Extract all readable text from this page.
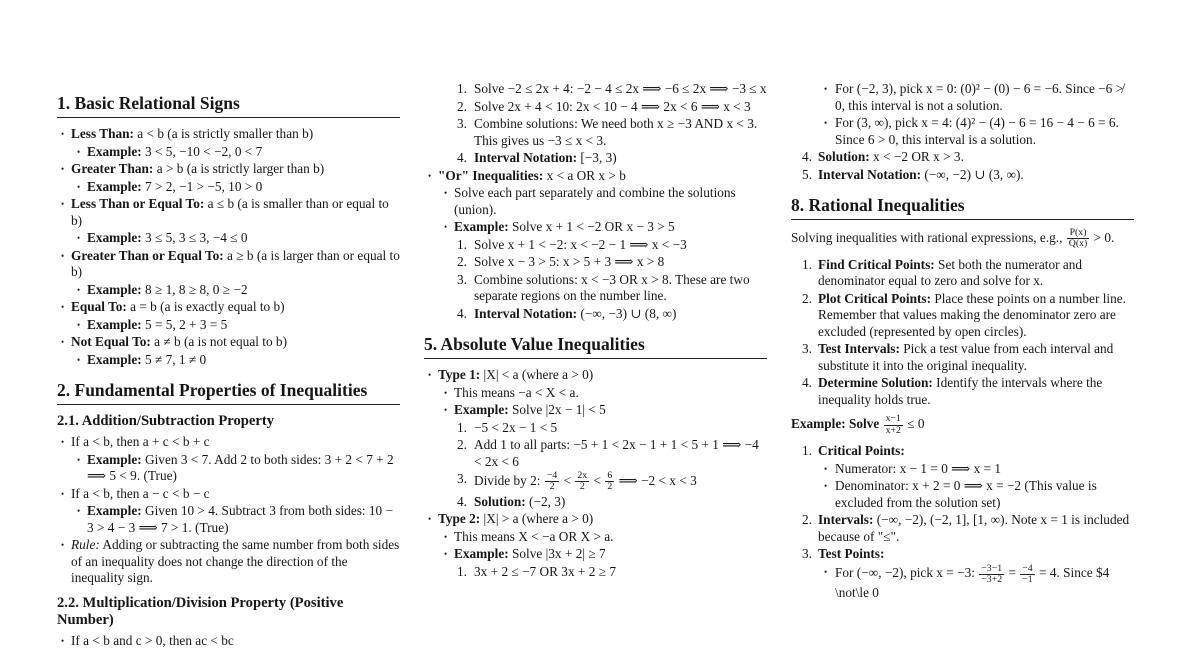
1. Basic Relational Signs
• Less Than: a < b (a is strictly smaller than b)
• Example: 3 < 5, −10 < −2, 0 < 7
• Greater Than: a > b (a is strictly larger than b)
• Example: 7 > 2, −1 > −5, 10 > 0
• Less Than or Equal To: a ≤ b (a is smaller than or equal to b)
• Example: 3 ≤ 5, 3 ≤ 3, −4 ≤ 0
• Greater Than or Equal To: a ≥ b (a is larger than or equal to b)
• Example: 8 ≥ 1, 8 ≥ 8, 0 ≥ −2
• Equal To: a = b (a is exactly equal to b)
• Example: 5 = 5, 2 + 3 = 5
• Not Equal To: a ≠ b (a is not equal to b)
• Example: 5 ≠ 7, 1 ≠ 0
2. Fundamental Properties of Inequalities
2.1. Addition/Subtraction Property
• If a < b, then a + c < b + c
• Example: Given 3 < 7. Add 2 to both sides: 3 + 2 < 7 + 2 ⟹ 5 < 9. (True)
• If a < b, then a − c < b − c
• Example: Given 10 > 4. Subtract 3 from both sides: 10 − 3 > 4 − 3 ⟹ 7 > 1. (True)
• Rule: Adding or subtracting the same number from both sides of an inequality does not change the direction of the inequality sign.
2.2. Multiplication/Division Property (Positive Number)
• If a < b and c > 0, then ac < bc
1. Solve −2 ≤ 2x + 4: −2 − 4 ≤ 2x ⟹ −6 ≤ 2x ⟹ −3 ≤ x
2. Solve 2x + 4 < 10: 2x < 10 − 4 ⟹ 2x < 6 ⟹ x < 3
3. Combine solutions: We need both x ≥ −3 AND x < 3. This gives us −3 ≤ x < 3.
4. Interval Notation: [−3, 3)
• "Or" Inequalities: x < a OR x > b
• Solve each part separately and combine the solutions (union).
• Example: Solve x + 1 < −2 OR x − 3 > 5
1. Solve x + 1 < −2: x < −2 − 1 ⟹ x < −3
2. Solve x − 3 > 5: x > 5 + 3 ⟹ x > 8
3. Combine solutions: x < −3 OR x > 8. These are two separate regions on the number line.
4. Interval Notation: (−∞, −3) ∪ (8, ∞)
5. Absolute Value Inequalities
• Type 1: |X| < a (where a > 0)
• This means −a < X < a.
• Example: Solve |2x − 1| < 5
1. −5 < 2x − 1 < 5
2. Add 1 to all parts: −5 + 1 < 2x − 1 + 1 < 5 + 1 ⟹ −4 < 2x < 6
3. Divide by 2: $\frac{-4}{2} < \frac{2x}{2} < \frac{6}{2}$ ⟹ −2 < x < 3
4. Solution: (−2, 3)
• Type 2: |X| > a (where a > 0)
• This means X < −a OR X > a.
• Example: Solve |3x + 2| ≥ 7
1. 3x + 2 ≤ −7 OR 3x + 2 ≥ 7
• For (−2, 3), pick x = 0: (0)² − (0) − 6 = −6. Since −6 ≯ 0, this interval is not a solution.
• For (3, ∞), pick x = 4: (4)² − (4) − 6 = 16 − 4 − 6 = 6. Since 6 > 0, this interval is a solution.
4. Solution: x < −2 OR x > 3.
5. Interval Notation: (−∞, −2) ∪ (3, ∞).
8. Rational Inequalities
Solving inequalities with rational expressions, e.g., $\frac{P(x)}{Q(x)} > 0$.
1. Find Critical Points: Set both the numerator and denominator equal to zero and solve for x.
2. Plot Critical Points: Place these points on a number line. Remember that values making the denominator zero are excluded (represented by open circles).
3. Test Intervals: Pick a test value from each interval and substitute it into the original inequality.
4. Determine Solution: Identify the intervals where the inequality holds true.
Example: Solve $\frac{x-1}{x+2} \le 0$
1. Critical Points:
• Numerator: x − 1 = 0 ⟹ x = 1
• Denominator: x + 2 = 0 ⟹ x = −2 (This value is excluded from the solution set)
2. Intervals: (−∞, −2), (−2, 1], [1, ∞). Note x = 1 is included because of "≤".
3. Test Points:
• For (−∞, −2), pick x = −3: $\frac{-3-1}{-3+2} = \frac{-4}{-1} = 4$. Since $4 \not\le 0
